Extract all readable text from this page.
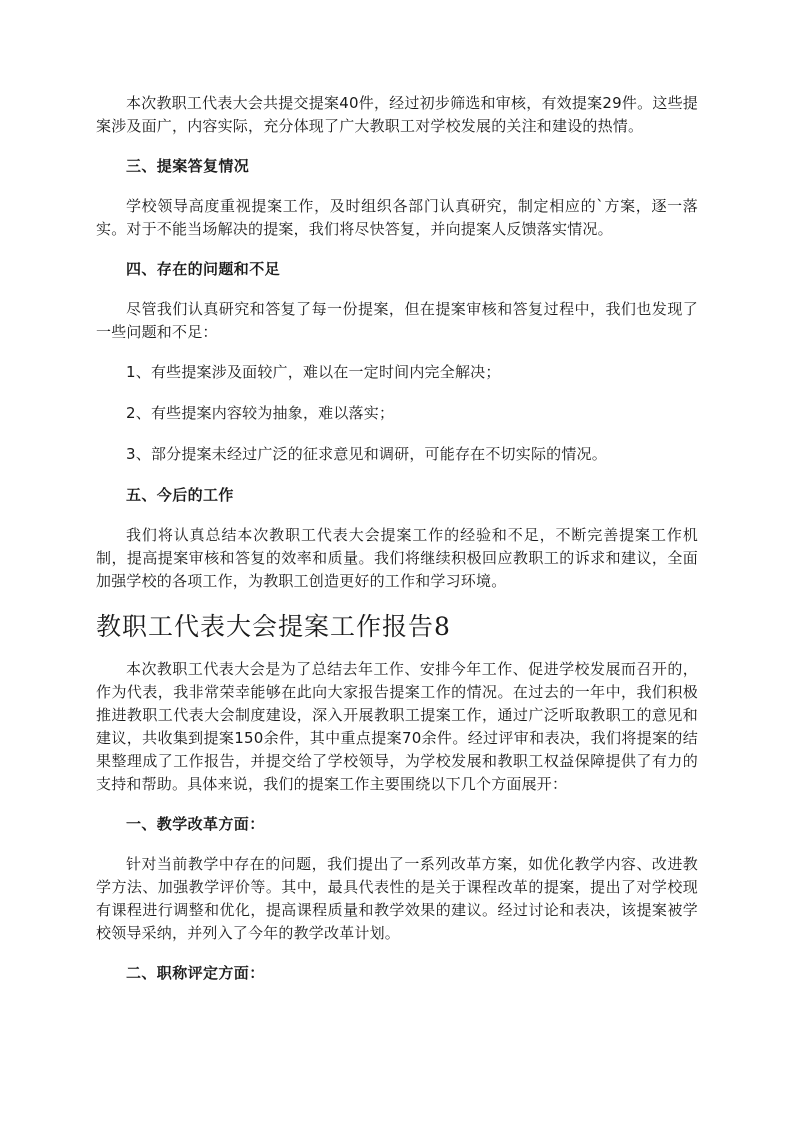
本次教职工代表大会共提交提案40件，经过初步筛选和审核，有效提案29件。这些提案涉及面广，内容实际，充分体现了广大教职工对学校发展的关注和建设的热情。

三、提案答复情况

学校领导高度重视提案工作，及时组织各部门认真研究，制定相应的`方案，逐一落实。对于不能当场解决的提案，我们将尽快答复，并向提案人反馈落实情况。

四、存在的问题和不足

尽管我们认真研究和答复了每一份提案，但在提案审核和答复过程中，我们也发现了一些问题和不足：

1、有些提案涉及面较广，难以在一定时间内完全解决；

2、有些提案内容较为抽象，难以落实；

3、部分提案未经过广泛的征求意见和调研，可能存在不切实际的情况。

五、今后的工作

我们将认真总结本次教职工代表大会提案工作的经验和不足，不断完善提案工作机制，提高提案审核和答复的效率和质量。我们将继续积极回应教职工的诉求和建议，全面加强学校的各项工作，为教职工创造更好的工作和学习环境。

教职工代表大会提案工作报告8

本次教职工代表大会是为了总结去年工作、安排今年工作、促进学校发展而召开的，作为代表，我非常荣幸能够在此向大家报告提案工作的情况。在过去的一年中，我们积极推进教职工代表大会制度建设，深入开展教职工提案工作，通过广泛听取教职工的意见和建议，共收集到提案150余件，其中重点提案70余件。经过评审和表决，我们将提案的结果整理成了工作报告，并提交给了学校领导，为学校发展和教职工权益保障提供了有力的支持和帮助。具体来说，我们的提案工作主要围绕以下几个方面展开：

一、教学改革方面：

针对当前教学中存在的问题，我们提出了一系列改革方案，如优化教学内容、改进教学方法、加强教学评价等。其中，最具代表性的是关于课程改革的提案，提出了对学校现有课程进行调整和优化，提高课程质量和教学效果的建议。经过讨论和表决，该提案被学校领导采纳，并列入了今年的教学改革计划。

二、职称评定方面：
